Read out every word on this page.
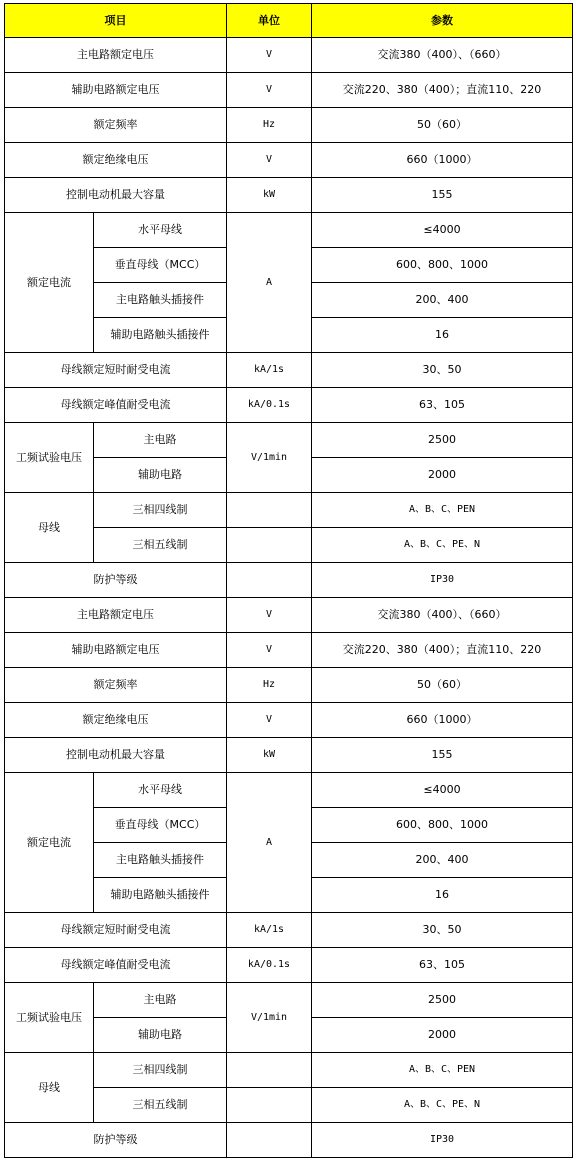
项目		单位	参数
主电路额定电压		V	交流380（400）、（660）
辅助电路额定电压		V	交流220、380（400）；直流110、220
额定频率		Hz	50（60）
额定绝缘电压		V	660（1000）
控制电动机最大容量		kW	155
额定电流	水平母线	A	≤4000
	垂直母线（MCC）		600、800、1000
	主电路触头插接件		200、400
	辅助电路触头插接件		16
母线额定短时耐受电流		kA/1s	30、50
母线额定峰值耐受电流		kA/0.1s	63、105
工频试验电压	主电路	V/1min	2500
	辅助电路		2000
母线	三相四线制		A、B、C、PEN
	三相五线制		A、B、C、PE、N
防护等级			IP30
主电路额定电压		V	交流380（400）、（660）
辅助电路额定电压		V	交流220、380（400）；直流110、220
额定频率		Hz	50（60）
额定绝缘电压		V	660（1000）
控制电动机最大容量		kW	155
额定电流	水平母线	A	≤4000
	垂直母线（MCC）		600、800、1000
	主电路触头插接件		200、400
	辅助电路触头插接件		16
母线额定短时耐受电流		kA/1s	30、50
母线额定峰值耐受电流		kA/0.1s	63、105
工频试验电压	主电路	V/1min	2500
	辅助电路		2000
母线	三相四线制		A、B、C、PEN
	三相五线制		A、B、C、PE、N
防护等级			IP30
